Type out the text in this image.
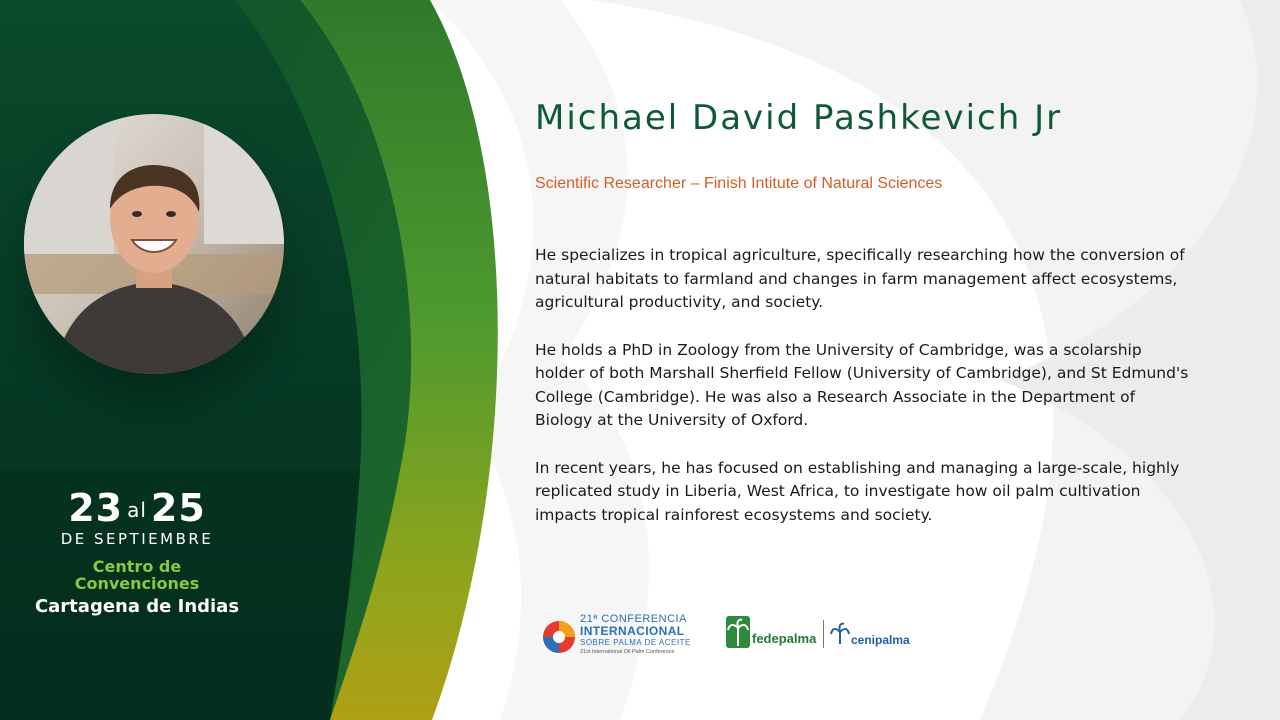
23 al 25
DE SEPTIEMBRE
Centro de
Convenciones
Cartagena de Indias
Michael David Pashkevich Jr
Scientific Researcher – Finish Intitute of Natural Sciences

He specializes in tropical agriculture, specifically researching how the conversion of natural habitats to farmland and changes in farm management affect ecosystems, agricultural productivity, and society.

He holds a PhD in Zoology from the University of Cambridge, was a scolarship holder of both Marshall Sherfield Fellow (University of Cambridge), and St Edmund's College (Cambridge). He was also a Research Associate in the Department of Biology at the University of Oxford.

In recent years, he has focused on establishing and managing a large-scale, highly replicated study in Liberia, West Africa, to investigate how oil palm cultivation impacts tropical rainforest ecosystems and society.

21ª CONFERENCIA
INTERNACIONAL
SOBRE PALMA DE ACEITE
21st International Oil Palm Conference
fedepalma	cenipalma
